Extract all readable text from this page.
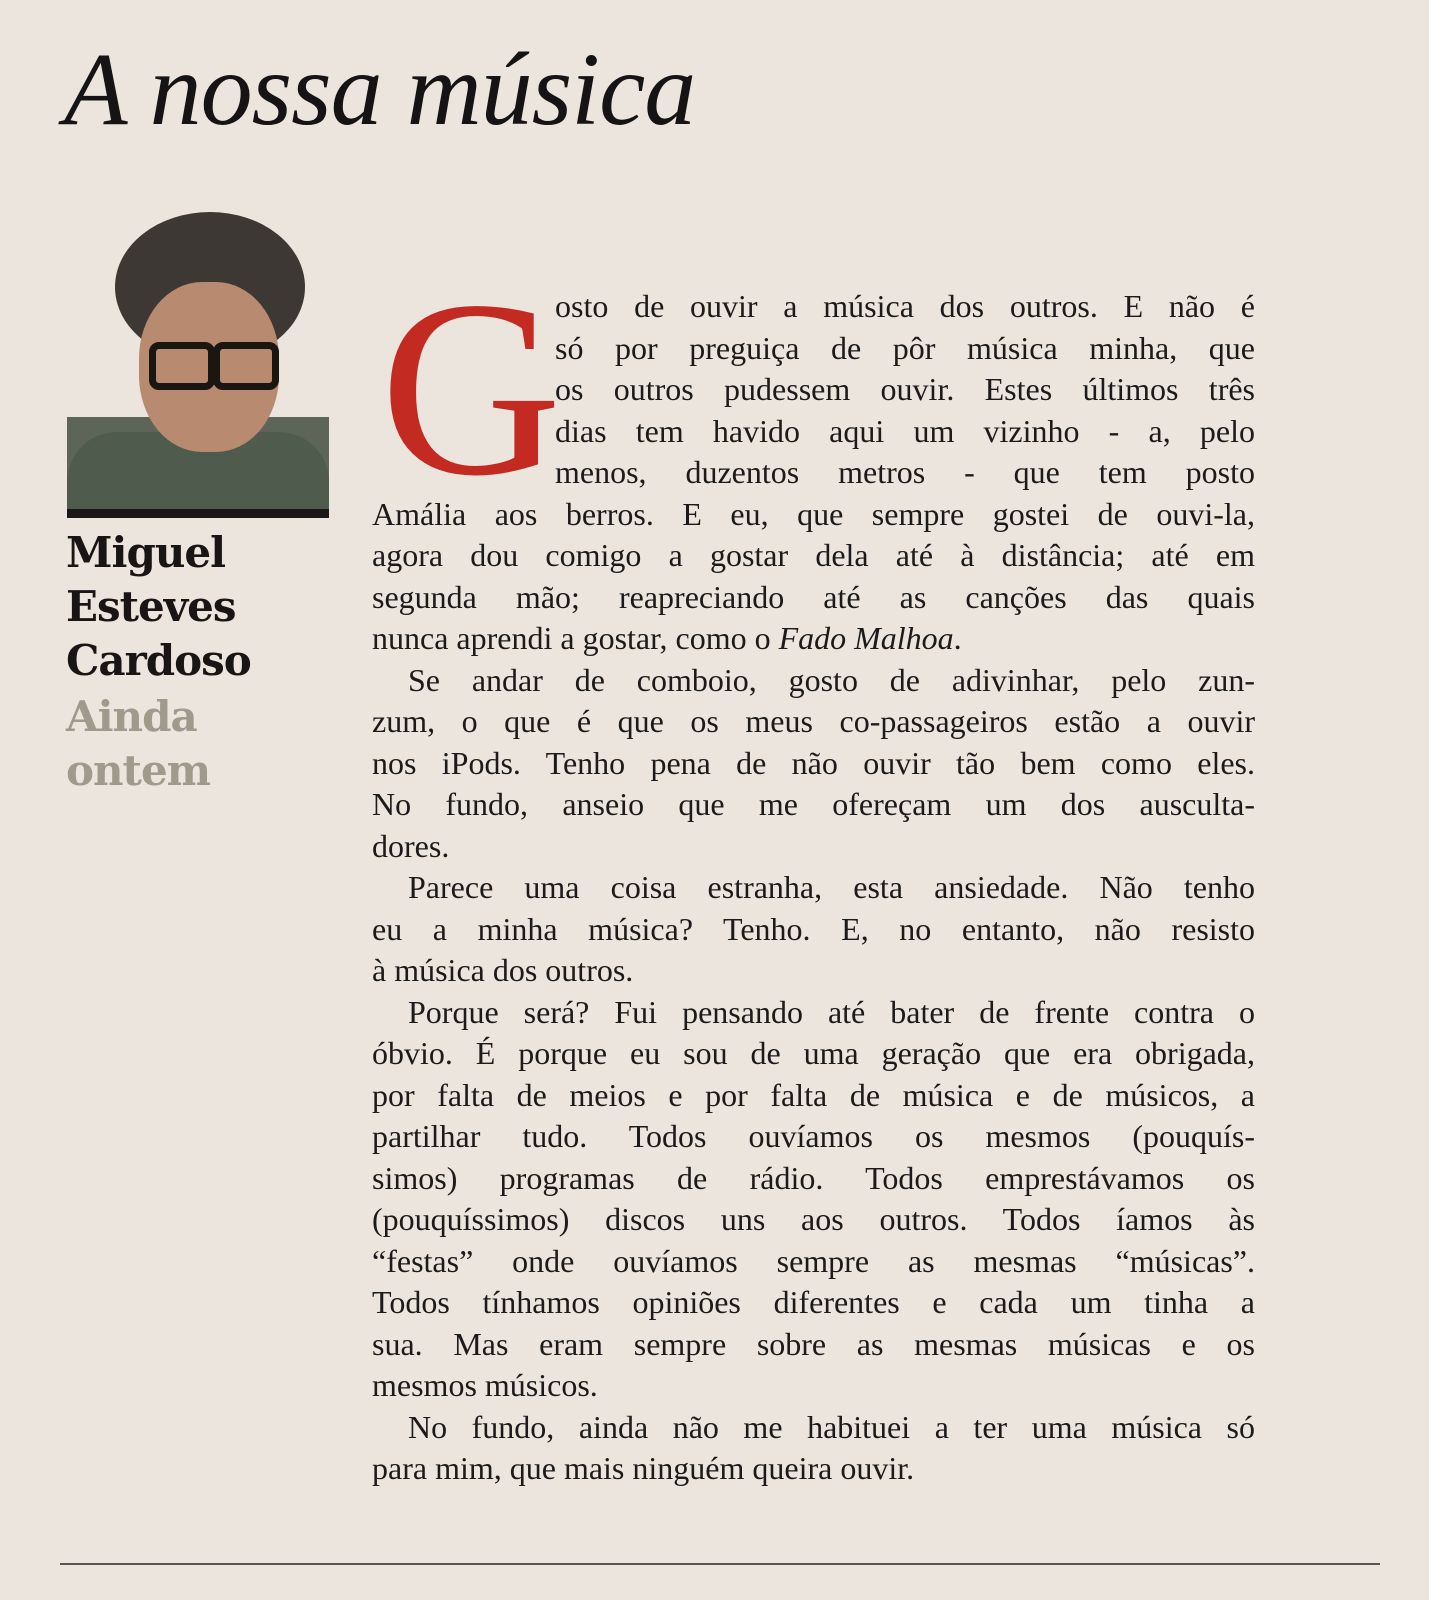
A nossa música
Miguel
Esteves
Cardoso
Ainda
ontem
G
osto de ouvir a música dos outros. E não é
só por preguiça de pôr música minha, que
os outros pudessem ouvir. Estes últimos três
dias tem havido aqui um vizinho - a, pelo
menos, duzentos metros - que tem posto
Amália aos berros. E eu, que sempre gostei de ouvi-la,
agora dou comigo a gostar dela até à distância; até em
segunda mão; reapreciando até as canções das quais
nunca aprendi a gostar, como o Fado Malhoa.
Se andar de comboio, gosto de adivinhar, pelo zun-
zum, o que é que os meus co-passageiros estão a ouvir
nos iPods. Tenho pena de não ouvir tão bem como eles.
No fundo, anseio que me ofereçam um dos ausculta-
dores.
Parece uma coisa estranha, esta ansiedade. Não tenho
eu a minha música? Tenho. E, no entanto, não resisto
à música dos outros.
Porque será? Fui pensando até bater de frente contra o
óbvio. É porque eu sou de uma geração que era obrigada,
por falta de meios e por falta de música e de músicos, a
partilhar tudo. Todos ouvíamos os mesmos (pouquís-
simos) programas de rádio. Todos emprestávamos os
(pouquíssimos) discos uns aos outros. Todos íamos às
“festas” onde ouvíamos sempre as mesmas “músicas”.
Todos tínhamos opiniões diferentes e cada um tinha a
sua. Mas eram sempre sobre as mesmas músicas e os
mesmos músicos.
No fundo, ainda não me habituei a ter uma música só
para mim, que mais ninguém queira ouvir.
